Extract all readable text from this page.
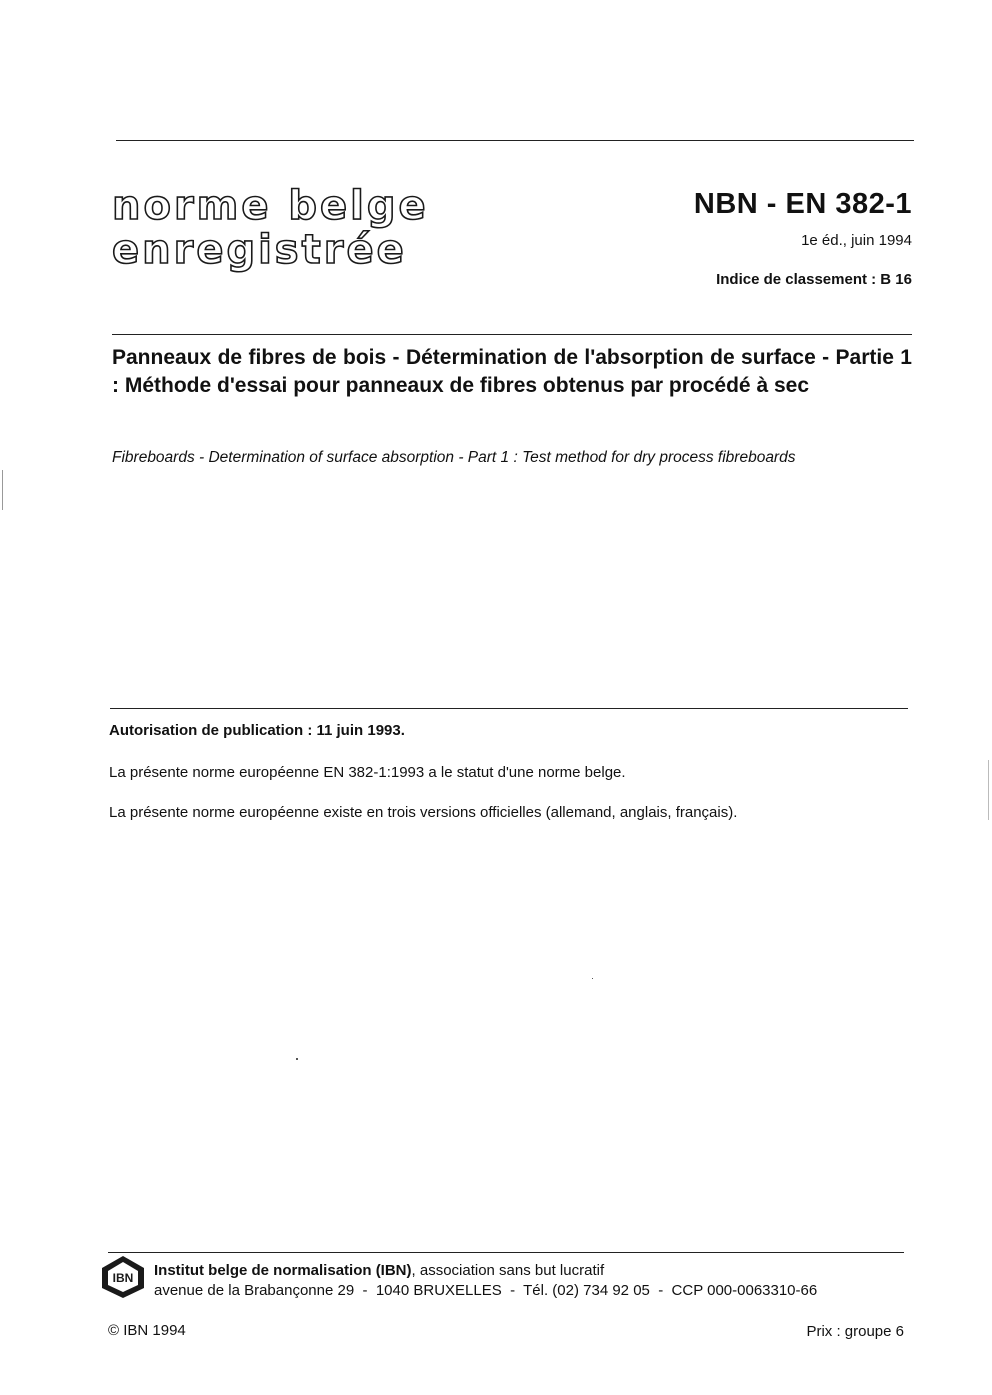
norme belge
enregistrée
NBN - EN 382-1
1e éd., juin 1994
Indice de classement : B 16
Panneaux de fibres de bois - Détermination de l'absorption de surface - Partie 1 : Méthode d'essai pour panneaux de fibres obtenus par procédé à sec
Fibreboards - Determination of surface absorption - Part 1 : Test method for dry process fibreboards
Autorisation de publication : 11 juin 1993.
La présente norme européenne EN 382-1:1993 a le statut d'une norme belge.
La présente norme européenne existe en trois versions officielles (allemand, anglais, français).
IBN Institut belge de normalisation (IBN), association sans but lucratif
avenue de la Brabançonne 29  -  1040 BRUXELLES  -  Tél. (02) 734 92 05  -  CCP 000-0063310-66
© IBN 1994	Prix : groupe 6
